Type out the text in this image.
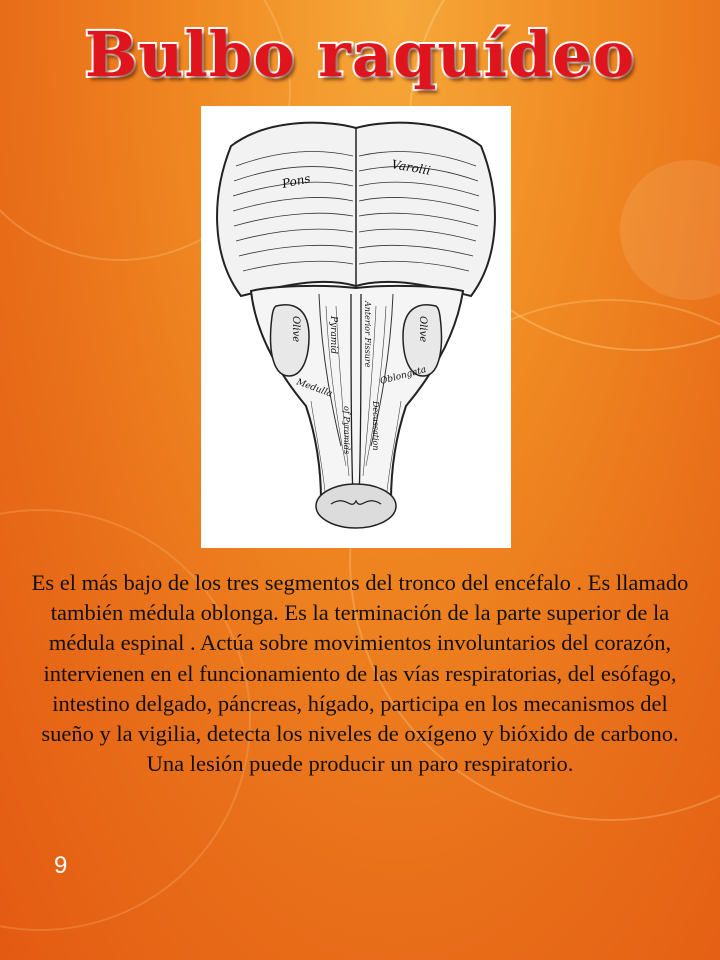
Bulbo raquídeo
Pons
Varolii
Olive	Olive
Pyramid	Anterior Fissure
Medulla
Oblongata
Decussation
of Pyramids
Es el más bajo de los tres segmentos del tronco del encéfalo . Es llamado también médula oblonga. Es la terminación de la parte superior de la médula espinal . Actúa sobre movimientos involuntarios del corazón, intervienen en el funcionamiento de las vías respiratorias, del esófago, intestino delgado, páncreas, hígado, participa en los mecanismos del sueño y la vigilia, detecta los niveles de oxígeno y bióxido de carbono. Una lesión puede producir un paro respiratorio.
9
